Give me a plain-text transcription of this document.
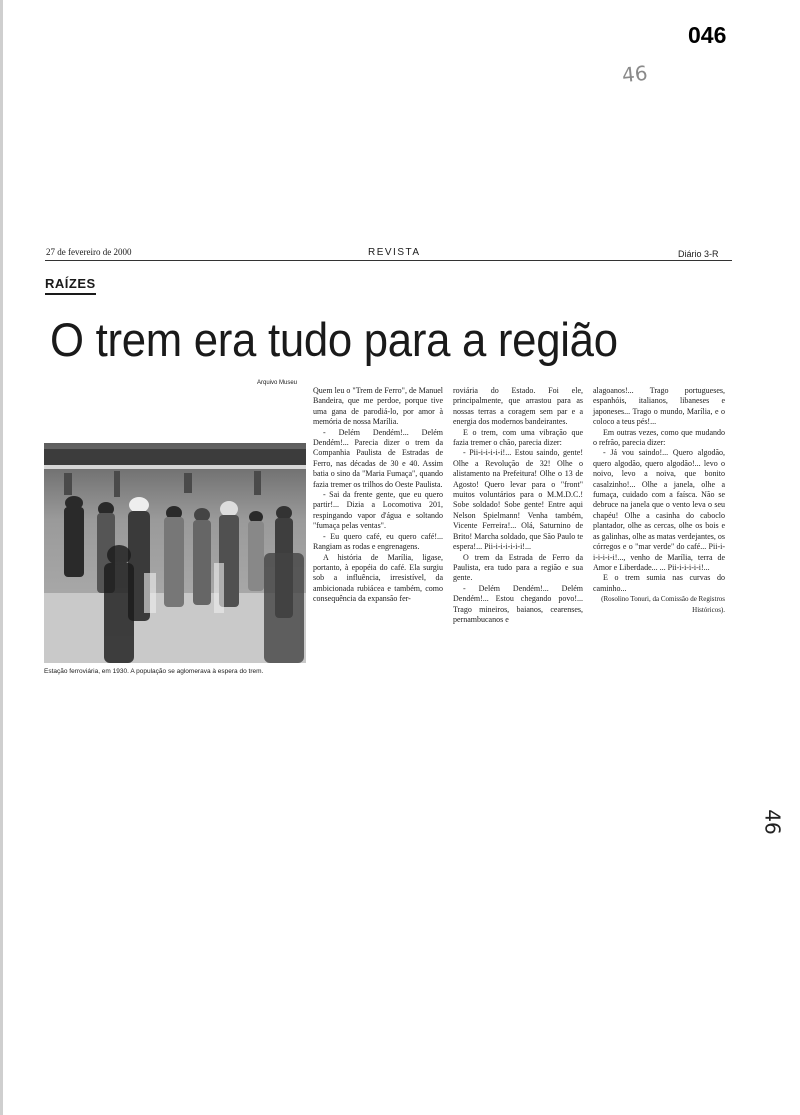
046
46
46
27 de fevereiro de 2000	REVISTA	Diário 3-R
RAÍZES
O trem era tudo para a região
Arquivo Museu
Estação ferroviária, em 1930. A população se aglomerava à espera do trem.

Quem leu o "Trem de Ferro", de Manuel Bandeira, que me perdoe, porque tive uma gana de parodiá-lo, por amor à memória de nossa Marília.

- Delém Dendém!... Delém Dendém!... Parecia dizer o trem da Companhia Paulista de Estradas de Ferro, nas décadas de 30 e 40. Assim batia o sino da "Maria Fumaça", quando fazia tremer os trilhos do Oeste Paulista.

- Sai da frente gente, que eu quero partir!... Dizia a Locomotiva 201, respingando vapor d'água e soltando "fumaça pelas ventas".

- Eu quero café, eu quero café!... Rangiam as rodas e engrenagens.

A história de Marília, ligase, portanto, à epopéia do café. Ela surgiu sob a influência, irresistível, da ambicionada rubiácea e também, como consequência da expansão fer-

roviária do Estado. Foi ele, principalmente, que arrastou para as nossas terras a coragem sem par e a energia dos modernos bandeirantes.

E o trem, com uma vibração que fazia tremer o chão, parecia dizer:

- Pii-i-i-i-i-i!... Estou saindo, gente! Olhe a Revolução de 32! Olhe o alistamento na Prefeitura! Olhe o 13 de Agosto! Quero levar para o "front" muitos voluntários para o M.M.D.C.! Sobe soldado! Sobe gente! Entre aqui Nelson Spielmann! Venha também, Vicente Ferreira!... Olá, Saturnino de Brito! Marcha soldado, que São Paulo te espera!... Pii-i-i-i-i-i-i!...

O trem da Estrada de Ferro da Paulista, era tudo para a região e sua gente.

- Delém Dendém!... Delém Dendém!... Estou chegando povo!... Trago mineiros, baianos, cearenses, pernambucanos e

alagoanos!... Trago portugueses, espanhóis, italianos, libaneses e japoneses... Trago o mundo, Marília, e o coloco a teus pés!...

Em outras vezes, como que mudando o refrão, parecia dizer:

- Já vou saindo!... Quero algodão, quero algodão, quero algodão!... levo o noivo, levo a noiva, que bonito casalzinho!... Olhe a janela, olhe a fumaça, cuidado com a faísca. Não se debruce na janela que o vento leva o seu chapéu! Olhe a casinha do caboclo plantador, olhe as cercas, olhe os bois e as galinhas, olhe as matas verdejantes, os córregos e o "mar verde" do café... Pii-i-i-i-i-i-i!..., venho de Marília, terra de Amor e Liberdade... ... Pii-i-i-i-i-i!...

E o trem sumia nas curvas do caminho...

(Rosolino Tonuri, da Comissão de Registros Históricos).
